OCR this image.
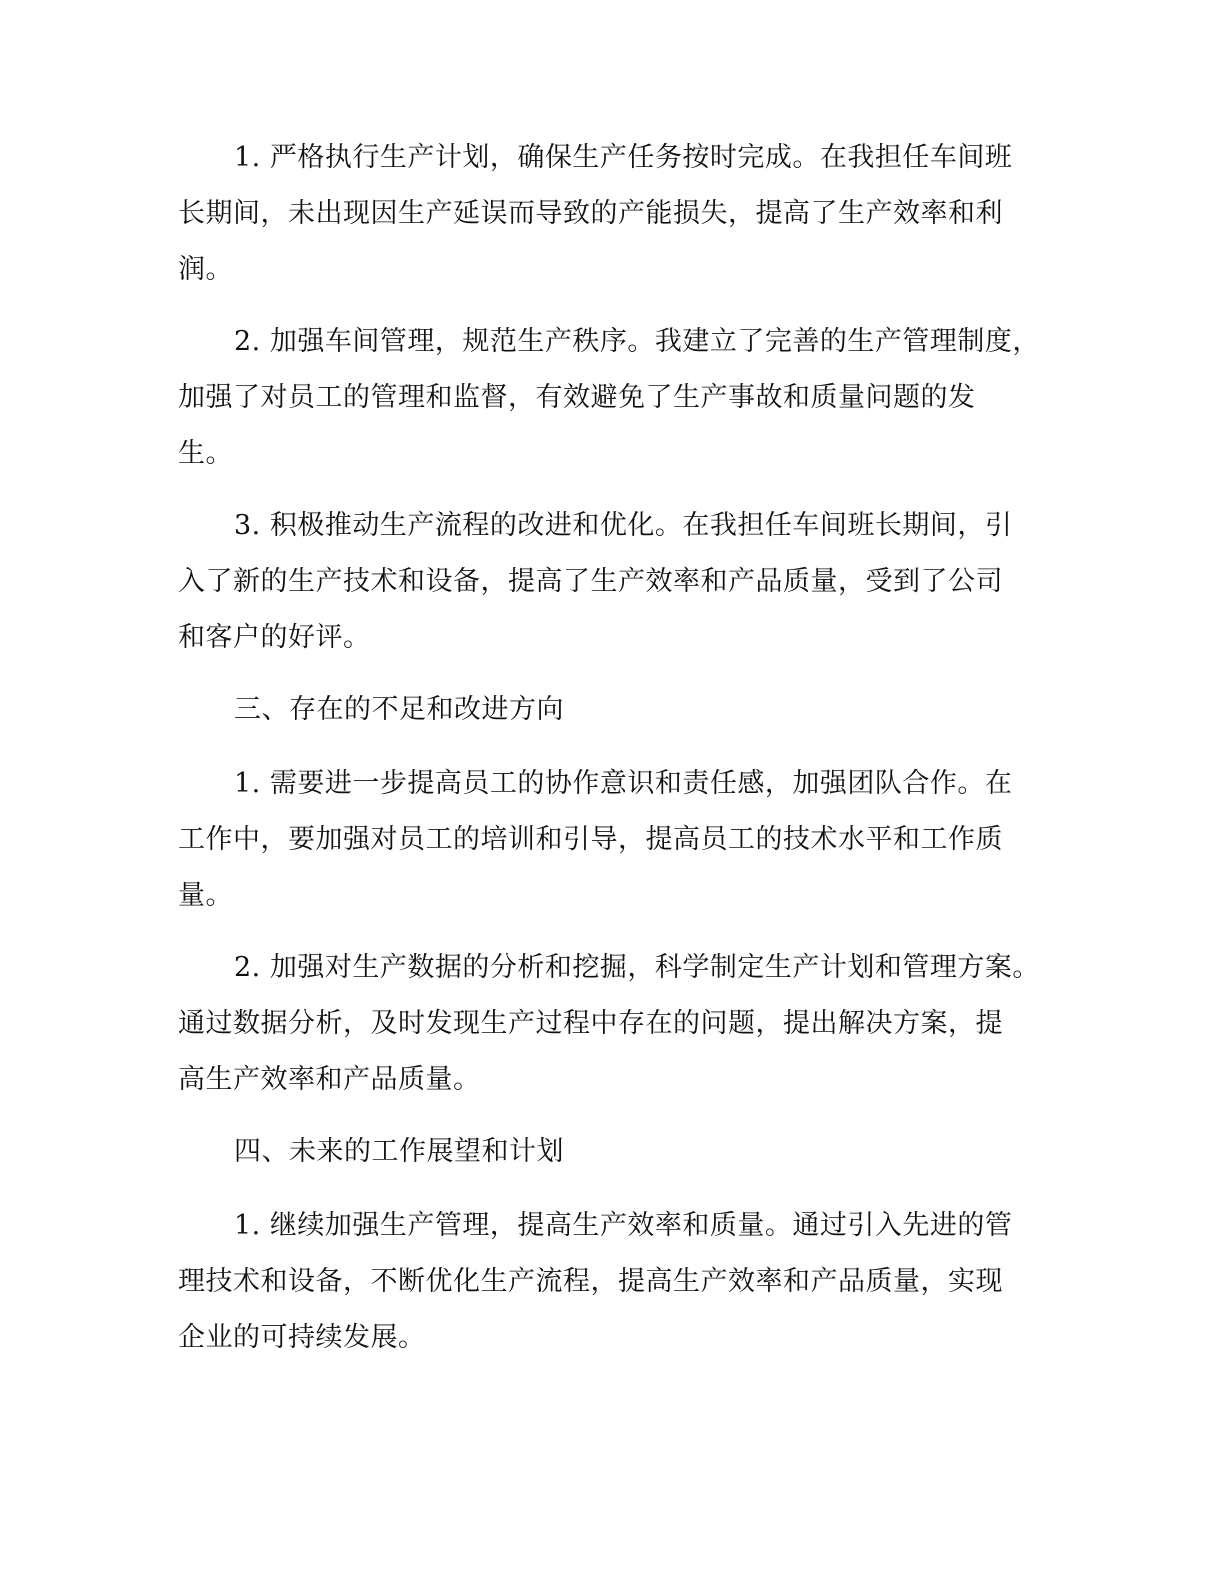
1. 严格执行生产计划，确保生产任务按时完成。在我担任车间班
长期间，未出现因生产延误而导致的产能损失，提高了生产效率和利
润。
2. 加强车间管理，规范生产秩序。我建立了完善的生产管理制度，
加强了对员工的管理和监督，有效避免了生产事故和质量问题的发
生。
3. 积极推动生产流程的改进和优化。在我担任车间班长期间，引
入了新的生产技术和设备，提高了生产效率和产品质量，受到了公司
和客户的好评。
三、存在的不足和改进方向
1. 需要进一步提高员工的协作意识和责任感，加强团队合作。在
工作中，要加强对员工的培训和引导，提高员工的技术水平和工作质
量。
2. 加强对生产数据的分析和挖掘，科学制定生产计划和管理方案。
通过数据分析，及时发现生产过程中存在的问题，提出解决方案，提
高生产效率和产品质量。
四、未来的工作展望和计划
1. 继续加强生产管理，提高生产效率和质量。通过引入先进的管
理技术和设备，不断优化生产流程，提高生产效率和产品质量，实现
企业的可持续发展。
